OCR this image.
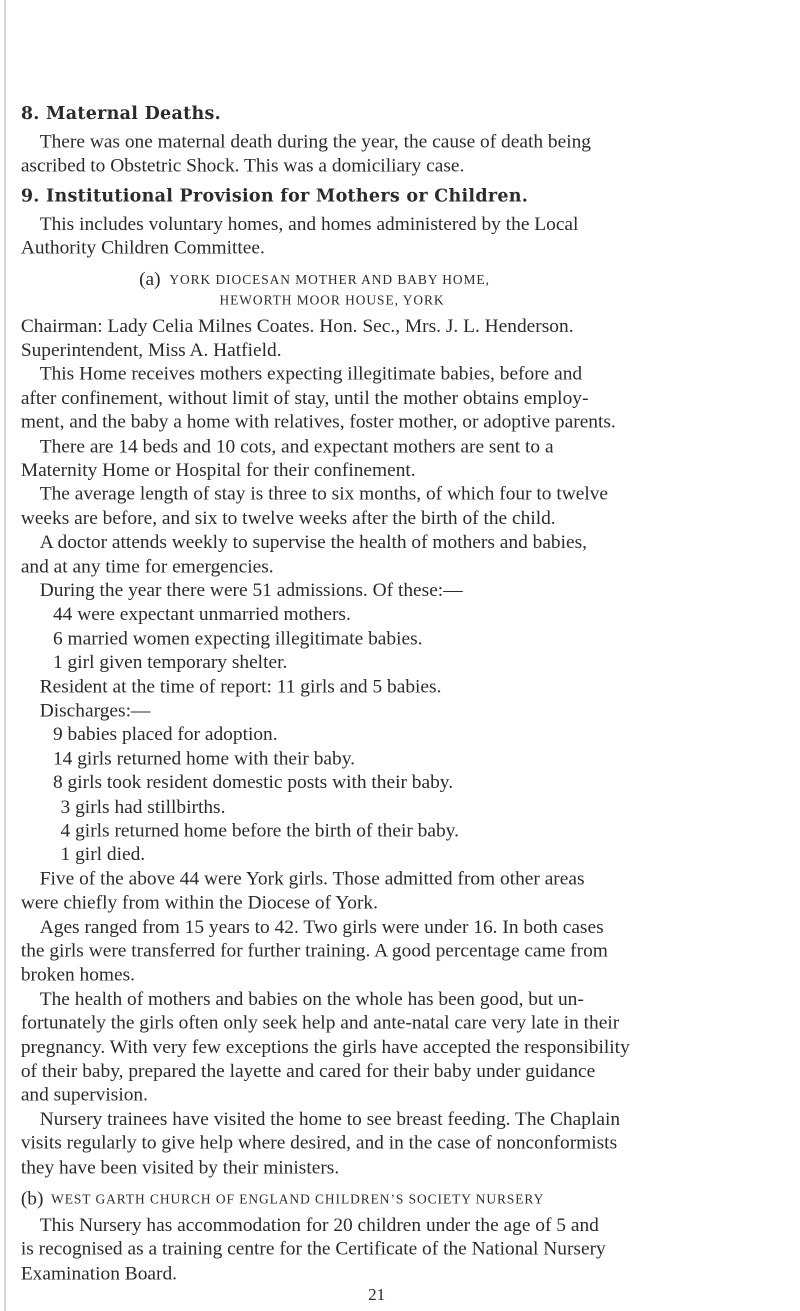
8. Maternal Deaths.
There was one maternal death during the year, the cause of death being
ascribed to Obstetric Shock. This was a domiciliary case.
9. Institutional Provision for Mothers or Children.
This includes voluntary homes, and homes administered by the Local
Authority Children Committee.
(a) YORK DIOCESAN MOTHER AND BABY HOME,
HEWORTH MOOR HOUSE, YORK
Chairman: Lady Celia Milnes Coates. Hon. Sec., Mrs. J. L. Henderson.
Superintendent, Miss A. Hatfield.
This Home receives mothers expecting illegitimate babies, before and
after confinement, without limit of stay, until the mother obtains employ-
ment, and the baby a home with relatives, foster mother, or adoptive parents.
There are 14 beds and 10 cots, and expectant mothers are sent to a
Maternity Home or Hospital for their confinement.
The average length of stay is three to six months, of which four to twelve
weeks are before, and six to twelve weeks after the birth of the child.
A doctor attends weekly to supervise the health of mothers and babies,
and at any time for emergencies.
During the year there were 51 admissions. Of these:—
44 were expectant unmarried mothers.
6 married women expecting illegitimate babies.
1 girl given temporary shelter.
Resident at the time of report: 11 girls and 5 babies.
Discharges:—
9 babies placed for adoption.
14 girls returned home with their baby.
8 girls took resident domestic posts with their baby.
3 girls had stillbirths.
4 girls returned home before the birth of their baby.
1 girl died.
Five of the above 44 were York girls. Those admitted from other areas
were chiefly from within the Diocese of York.
Ages ranged from 15 years to 42. Two girls were under 16. In both cases
the girls were transferred for further training. A good percentage came from
broken homes.
The health of mothers and babies on the whole has been good, but un-
fortunately the girls often only seek help and ante-natal care very late in their
pregnancy. With very few exceptions the girls have accepted the responsibility
of their baby, prepared the layette and cared for their baby under guidance
and supervision.
Nursery trainees have visited the home to see breast feeding. The Chaplain
visits regularly to give help where desired, and in the case of nonconformists
they have been visited by their ministers.
(b) WEST GARTH CHURCH OF ENGLAND CHILDREN’S SOCIETY NURSERY
This Nursery has accommodation for 20 children under the age of 5 and
is recognised as a training centre for the Certificate of the National Nursery
Examination Board.
21
